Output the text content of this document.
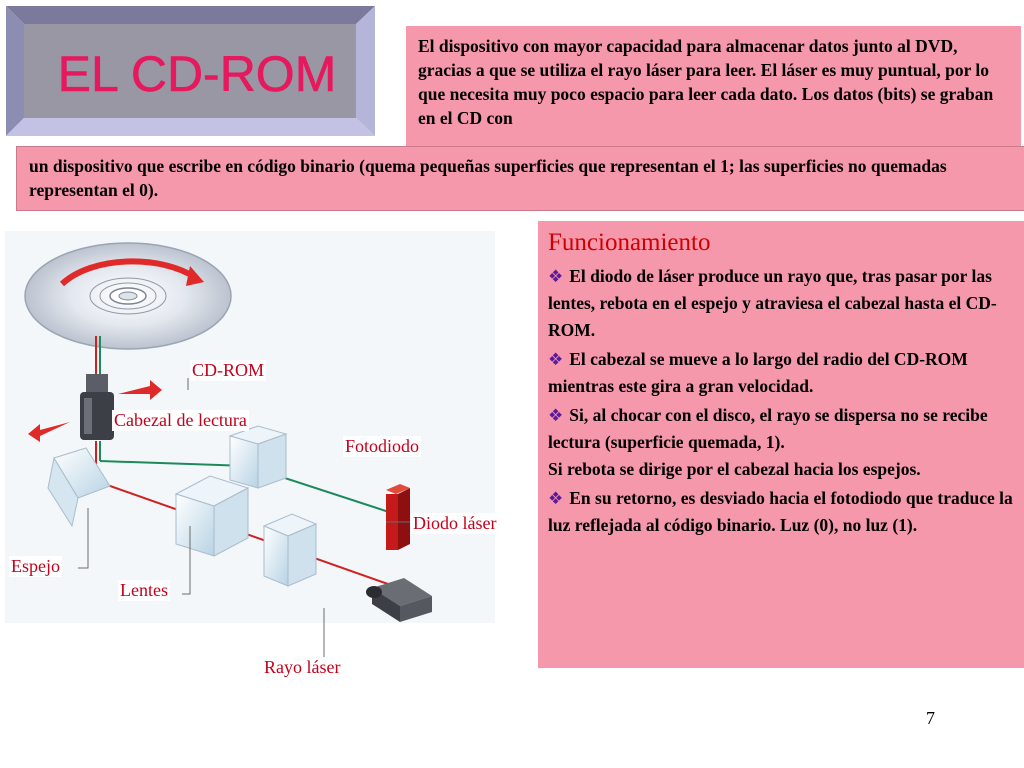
EL CD-ROM	El dispositivo con mayor capacidad para almacenar datos junto al DVD, gracias a que se utiliza el rayo láser para leer. El láser es muy puntual, por lo que necesita muy poco espacio para leer cada dato. Los datos (bits) se graban en el CD con
un dispositivo que escribe en código binario (quema pequeñas superficies que representan el 1; las superficies no quemadas representan el 0).
CD-ROM
Cabezal de lectura
Fotodiodo
Diodo láser
Espejo
Lentes
Rayo láser
Funcionamiento
❖ El diodo de láser produce un rayo que, tras pasar por las lentes, rebota en el espejo y atraviesa el cabezal hasta el CD-ROM.
❖ El cabezal se mueve a lo largo del radio del CD-ROM mientras este gira a gran velocidad.
❖ Si, al chocar con el disco, el rayo se dispersa no se recibe lectura (superficie quemada, 1).
Si rebota se dirige por el cabezal hacia los espejos.
❖ En su retorno, es desviado hacia el fotodiodo que traduce la luz reflejada al código binario. Luz (0), no luz (1).
7
